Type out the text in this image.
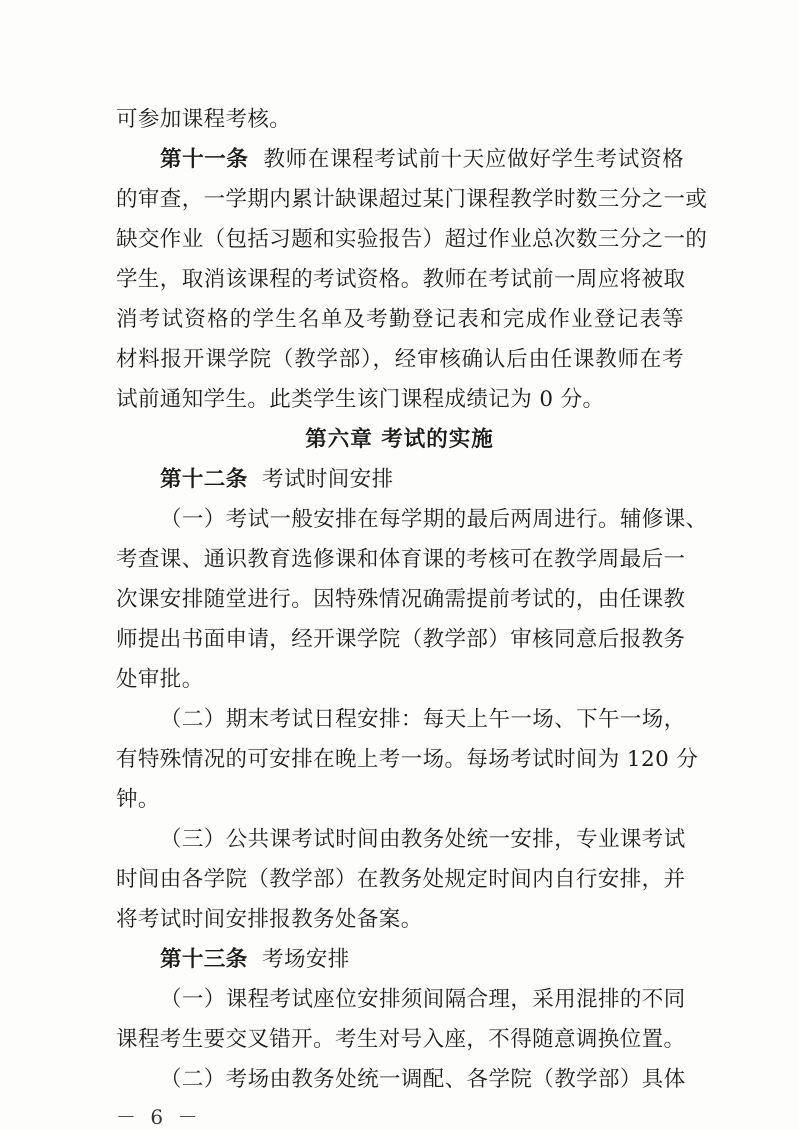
可参加课程考核。
第十一条 教师在课程考试前十天应做好学生考试资格
的审查，一学期内累计缺课超过某门课程教学时数三分之一或
缺交作业（包括习题和实验报告）超过作业总次数三分之一的
学生，取消该课程的考试资格。教师在考试前一周应将被取
消考试资格的学生名单及考勤登记表和完成作业登记表等
材料报开课学院（教学部），经审核确认后由任课教师在考
试前通知学生。此类学生该门课程成绩记为 0 分。
第六章 考试的实施
第十二条 考试时间安排
（一）考试一般安排在每学期的最后两周进行。辅修课、
考查课、通识教育选修课和体育课的考核可在教学周最后一
次课安排随堂进行。因特殊情况确需提前考试的，由任课教
师提出书面申请，经开课学院（教学部）审核同意后报教务
处审批。
（二）期末考试日程安排：每天上午一场、下午一场，
有特殊情况的可安排在晚上考一场。每场考试时间为 120 分
钟。
（三）公共课考试时间由教务处统一安排，专业课考试
时间由各学院（教学部）在教务处规定时间内自行安排，并
将考试时间安排报教务处备案。
第十三条 考场安排
（一）课程考试座位安排须间隔合理，采用混排的不同
课程考生要交叉错开。考生对号入座，不得随意调换位置。
（二）考场由教务处统一调配、各学院（教学部）具体
－ 6 －
